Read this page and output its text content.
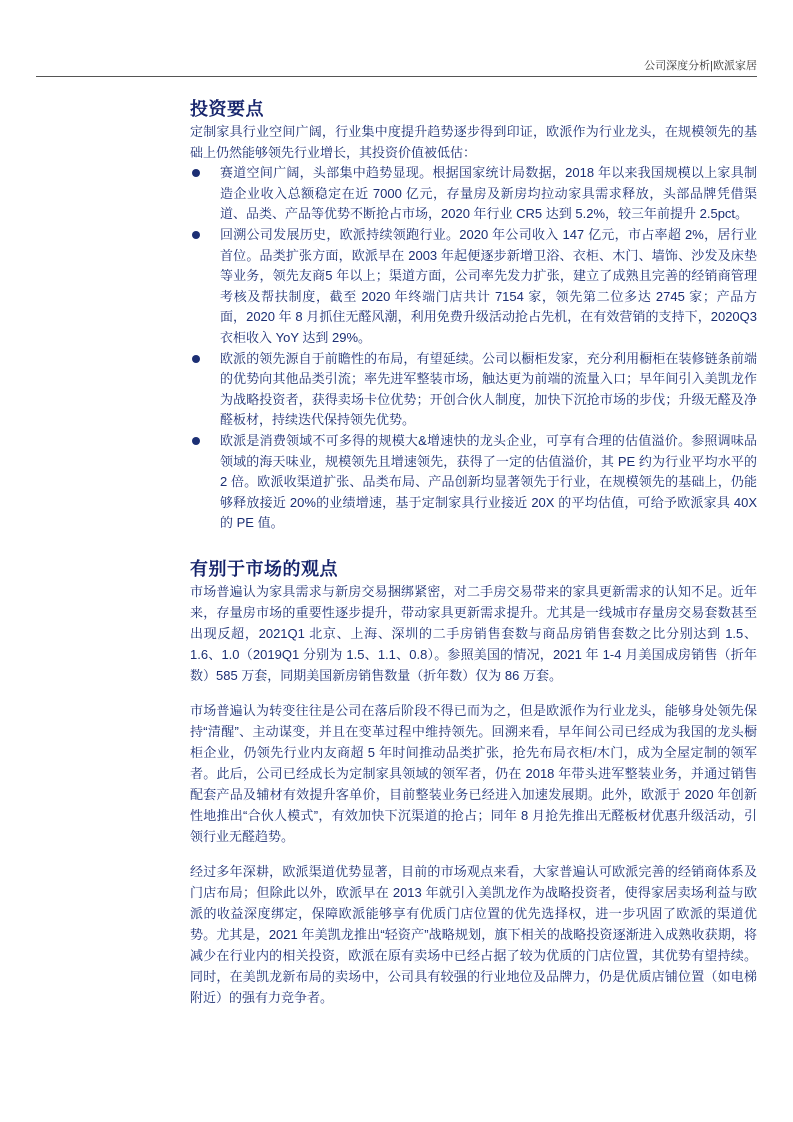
公司深度分析|欧派家居
投资要点

定制家具行业空间广阔，行业集中度提升趋势逐步得到印证，欧派作为行业龙头，在规模领先的基础上仍然能够领先行业增长，其投资价值被低估：

赛道空间广阔，头部集中趋势显现。根据国家统计局数据，2018 年以来我国规模以上家具制造企业收入总额稳定在近 7000 亿元，存量房及新房均拉动家具需求释放，头部品牌凭借渠道、品类、产品等优势不断抢占市场，2020 年行业 CR5 达到 5.2%，较三年前提升 2.5pct。
回溯公司发展历史，欧派持续领跑行业。2020 年公司收入 147 亿元，市占率超 2%，居行业首位。品类扩张方面，欧派早在 2003 年起便逐步新增卫浴、衣柜、木门、墙饰、沙发及床垫等业务，领先友商5 年以上；渠道方面，公司率先发力扩张，建立了成熟且完善的经销商管理考核及帮扶制度，截至 2020 年终端门店共计 7154 家，领先第二位多达 2745 家；产品方面，2020 年 8 月抓住无醛风潮，利用免费升级活动抢占先机，在有效营销的支持下，2020Q3 衣柜收入 YoY 达到 29%。
欧派的领先源自于前瞻性的布局，有望延续。公司以橱柜发家，充分利用橱柜在装修链条前端的优势向其他品类引流；率先进军整装市场，触达更为前端的流量入口；早年间引入美凯龙作为战略投资者，获得卖场卡位优势；开创合伙人制度，加快下沉抢市场的步伐；升级无醛及净醛板材，持续迭代保持领先优势。
欧派是消费领域不可多得的规模大&增速快的龙头企业，可享有合理的估值溢价。参照调味品领域的海天味业，规模领先且增速领先，获得了一定的估值溢价，其 PE 约为行业平均水平的 2 倍。欧派收渠道扩张、品类布局、产品创新均显著领先于行业，在规模领先的基础上，仍能够释放接近 20%的业绩增速，基于定制家具行业接近 20X 的平均估值，可给予欧派家具 40X 的 PE 值。
有别于市场的观点

市场普遍认为家具需求与新房交易捆绑紧密，对二手房交易带来的家具更新需求的认知不足。近年来，存量房市场的重要性逐步提升，带动家具更新需求提升。尤其是一线城市存量房交易套数甚至出现反超，2021Q1 北京、上海、深圳的二手房销售套数与商品房销售套数之比分别达到 1.5、1.6、1.0（2019Q1 分别为 1.5、1.1、0.8）。参照美国的情况，2021 年 1-4 月美国成房销售（折年数）585 万套，同期美国新房销售数量（折年数）仅为 86 万套。

市场普遍认为转变往往是公司在落后阶段不得已而为之，但是欧派作为行业龙头，能够身处领先保持“清醒”、主动谋变，并且在变革过程中维持领先。回溯来看，早年间公司已经成为我国的龙头橱柜企业，仍领先行业内友商超 5 年时间推动品类扩张，抢先布局衣柜/木门，成为全屋定制的领军者。此后，公司已经成长为定制家具领域的领军者，仍在 2018 年带头进军整装业务，并通过销售配套产品及辅材有效提升客单价，目前整装业务已经进入加速发展期。此外，欧派于 2020 年创新性地推出“合伙人模式”，有效加快下沉渠道的抢占；同年 8 月抢先推出无醛板材优惠升级活动，引领行业无醛趋势。

经过多年深耕，欧派渠道优势显著，目前的市场观点来看，大家普遍认可欧派完善的经销商体系及门店布局；但除此以外，欧派早在 2013 年就引入美凯龙作为战略投资者，使得家居卖场利益与欧派的收益深度绑定，保障欧派能够享有优质门店位置的优先选择权，进一步巩固了欧派的渠道优势。尤其是，2021 年美凯龙推出“轻资产”战略规划，旗下相关的战略投资逐渐进入成熟收获期，将减少在行业内的相关投资，欧派在原有卖场中已经占据了较为优质的门店位置，其优势有望持续。同时，在美凯龙新布局的卖场中，公司具有较强的行业地位及品牌力，仍是优质店铺位置（如电梯附近）的强有力竞争者。
